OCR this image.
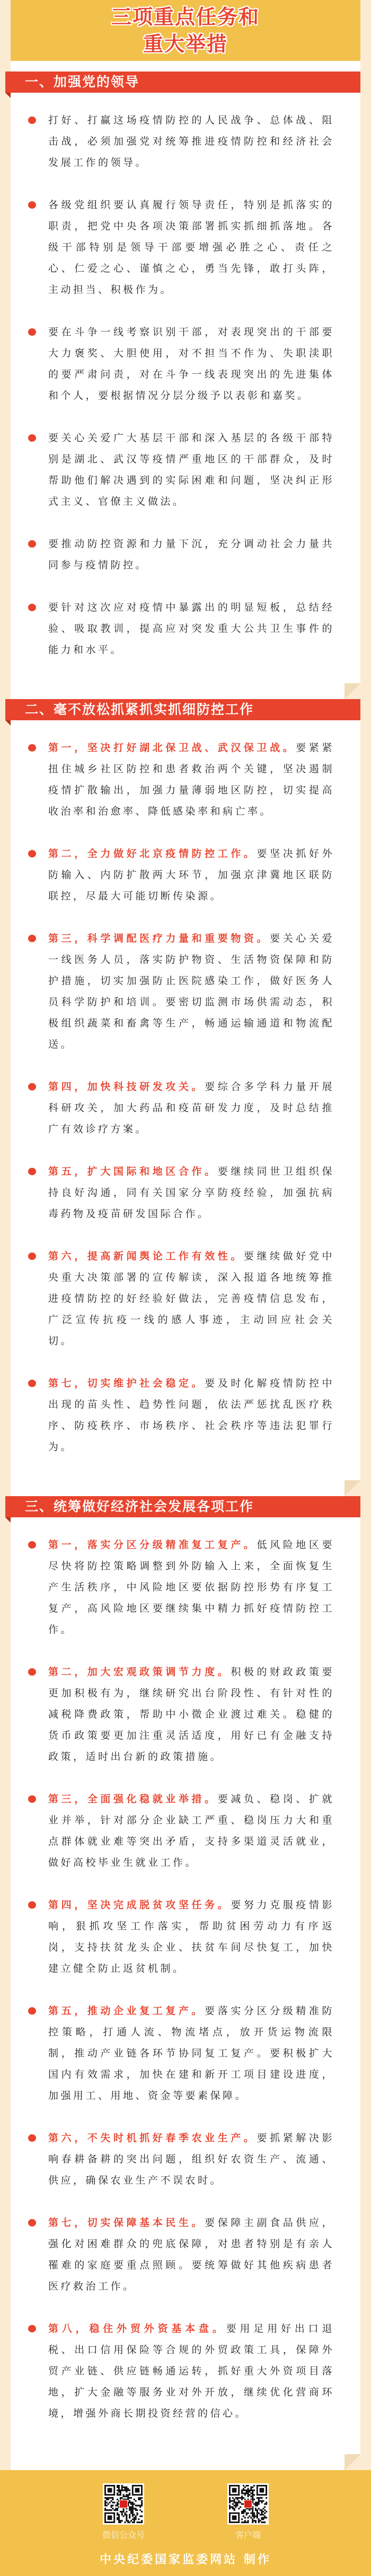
三项重点任务和
重大举措
一、加强党的领导
打好、打赢这场疫情防控的人民战争、总体战、阻击战，必须加强党对统筹推进疫情防控和经济社会发展工作的领导。
各级党组织要认真履行领导责任，特别是抓落实的职责，把党中央各项决策部署抓实抓细抓落地。各级干部特别是领导干部要增强必胜之心、责任之心、仁爱之心、谨慎之心，勇当先锋，敢打头阵，主动担当、积极作为。
要在斗争一线考察识别干部，对表现突出的干部要大力褒奖、大胆使用，对不担当不作为、失职渎职的要严肃问责，对在斗争一线表现突出的先进集体和个人，要根据情况分层分级予以表彰和嘉奖。
要关心关爱广大基层干部和深入基层的各级干部特别是湖北、武汉等疫情严重地区的干部群众，及时帮助他们解决遇到的实际困难和问题，坚决纠正形式主义、官僚主义做法。
要推动防控资源和力量下沉，充分调动社会力量共同参与疫情防控。
要针对这次应对疫情中暴露出的明显短板，总结经验、吸取教训，提高应对突发重大公共卫生事件的能力和水平。
二、毫不放松抓紧抓实抓细防控工作
第一，坚决打好湖北保卫战、武汉保卫战。要紧紧扭住城乡社区防控和患者救治两个关键，坚决遏制疫情扩散输出，加强力量薄弱地区防控，切实提高收治率和治愈率、降低感染率和病亡率。
第二，全力做好北京疫情防控工作。要坚决抓好外防输入、内防扩散两大环节，加强京津冀地区联防联控，尽最大可能切断传染源。
第三，科学调配医疗力量和重要物资。要关心关爱一线医务人员，落实防护物资、生活物资保障和防护措施，切实加强防止医院感染工作，做好医务人员科学防护和培训。要密切监测市场供需动态，积极组织蔬菜和畜禽等生产，畅通运输通道和物流配送。
第四，加快科技研发攻关。要综合多学科力量开展科研攻关，加大药品和疫苗研发力度，及时总结推广有效诊疗方案。
第五，扩大国际和地区合作。要继续同世卫组织保持良好沟通，同有关国家分享防疫经验，加强抗病毒药物及疫苗研发国际合作。
第六，提高新闻舆论工作有效性。要继续做好党中央重大决策部署的宣传解读，深入报道各地统筹推进疫情防控的好经验好做法，完善疫情信息发布，广泛宣传抗疫一线的感人事迹，主动回应社会关切。
第七，切实维护社会稳定。要及时化解疫情防控中出现的苗头性、趋势性问题，依法严惩扰乱医疗秩序、防疫秩序、市场秩序、社会秩序等违法犯罪行为。
三、统筹做好经济社会发展各项工作
第一，落实分区分级精准复工复产。低风险地区要尽快将防控策略调整到外防输入上来，全面恢复生产生活秩序，中风险地区要依据防控形势有序复工复产，高风险地区要继续集中精力抓好疫情防控工作。
第二，加大宏观政策调节力度。积极的财政政策要更加积极有为，继续研究出台阶段性、有针对性的减税降费政策，帮助中小微企业渡过难关。稳健的货币政策要更加注重灵活适度，用好已有金融支持政策，适时出台新的政策措施。
第三，全面强化稳就业举措。要减负、稳岗、扩就业并举，针对部分企业缺工严重、稳岗压力大和重点群体就业难等突出矛盾，支持多渠道灵活就业，做好高校毕业生就业工作。
第四，坚决完成脱贫攻坚任务。要努力克服疫情影响，狠抓攻坚工作落实，帮助贫困劳动力有序返岗，支持扶贫龙头企业、扶贫车间尽快复工，加快建立健全防止返贫机制。
第五，推动企业复工复产。要落实分区分级精准防控策略，打通人流、物流堵点，放开货运物流限制，推动产业链各环节协同复工复产。要积极扩大国内有效需求，加快在建和新开工项目建设进度，加强用工、用地、资金等要素保障。
第六，不失时机抓好春季农业生产。要抓紧解决影响春耕备耕的突出问题，组织好农资生产、流通、供应，确保农业生产不误农时。
第七，切实保障基本民生。要保障主副食品供应，强化对困难群众的兜底保障，对患者特别是有亲人罹难的家庭要重点照顾。要统筹做好其他疾病患者医疗救治工作。
第八，稳住外贸外资基本盘。要用足用好出口退税、出口信用保险等合规的外贸政策工具，保障外贸产业链、供应链畅通运转，抓好重大外资项目落地，扩大金融等服务业对外开放，继续优化营商环境，增强外商长期投资经营的信心。
微信公众号	客户端
中央纪委国家监委网站 制作
